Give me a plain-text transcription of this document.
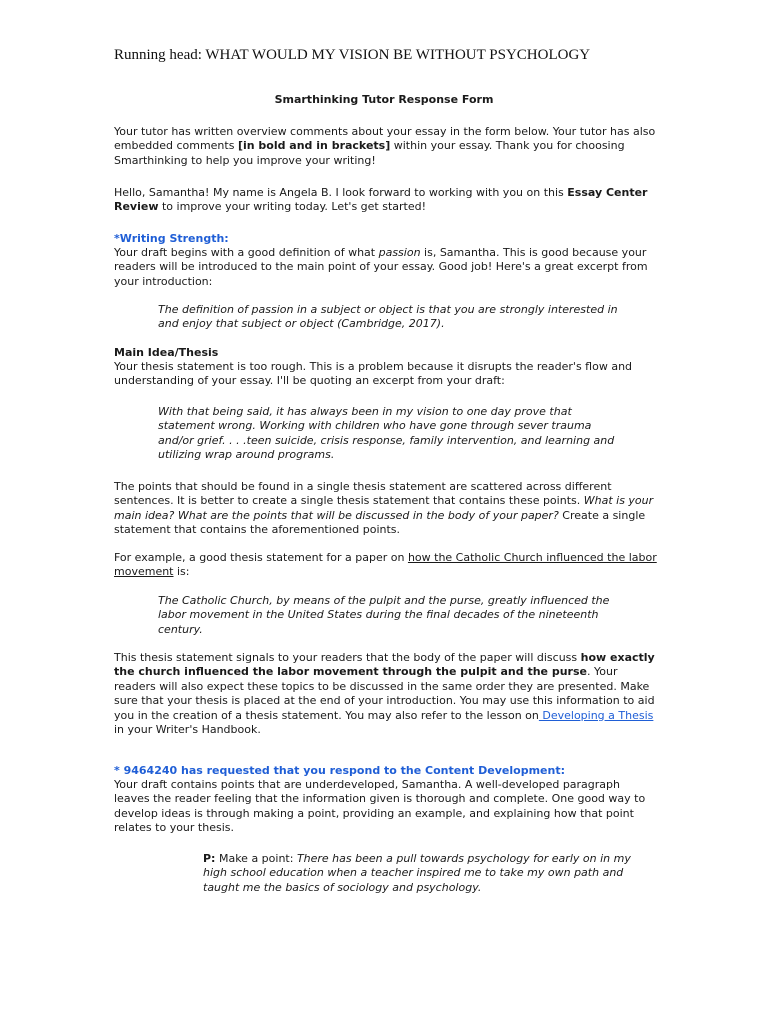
Running head: WHAT WOULD MY VISION BE WITHOUT PSYCHOLOGY
Smarthinking Tutor Response Form

Your tutor has written overview comments about your essay in the form below. Your tutor has also embedded comments [in bold and in brackets] within your essay. Thank you for choosing Smarthinking to help you improve your writing!

Hello, Samantha! My name is Angela B. I look forward to working with you on this Essay Center Review to improve your writing today. Let's get started!

*Writing Strength:

Your draft begins with a good definition of what passion is, Samantha. This is good because your readers will be introduced to the main point of your essay. Good job! Here's a great excerpt from your introduction:

The definition of passion in a subject or object is that you are strongly interested in and enjoy that subject or object (Cambridge, 2017).

Main Idea/Thesis

Your thesis statement is too rough. This is a problem because it disrupts the reader's flow and understanding of your essay. I'll be quoting an excerpt from your draft:

With that being said, it has always been in my vision to one day prove that statement wrong. Working with children who have gone through sever trauma and/or grief. . . .teen suicide, crisis response, family intervention, and learning and utilizing wrap around programs.

The points that should be found in a single thesis statement are scattered across different sentences. It is better to create a single thesis statement that contains these points. What is your main idea? What are the points that will be discussed in the body of your paper? Create a single statement that contains the aforementioned points.

For example, a good thesis statement for a paper on how the Catholic Church influenced the labor movement is:

The Catholic Church, by means of the pulpit and the purse, greatly influenced the labor movement in the United States during the final decades of the nineteenth century.

This thesis statement signals to your readers that the body of the paper will discuss how exactly the church influenced the labor movement through the pulpit and the purse. Your readers will also expect these topics to be discussed in the same order they are presented. Make sure that your thesis is placed at the end of your introduction. You may use this information to aid you in the creation of a thesis statement. You may also refer to the lesson on Developing a Thesis in your Writer's Handbook.

* 9464240 has requested that you respond to the Content Development:

Your draft contains points that are underdeveloped, Samantha. A well-developed paragraph leaves the reader feeling that the information given is thorough and complete. One good way to develop ideas is through making a point, providing an example, and explaining how that point relates to your thesis.

P: Make a point: There has been a pull towards psychology for early on in my high school education when a teacher inspired me to take my own path and taught me the basics of sociology and psychology.
